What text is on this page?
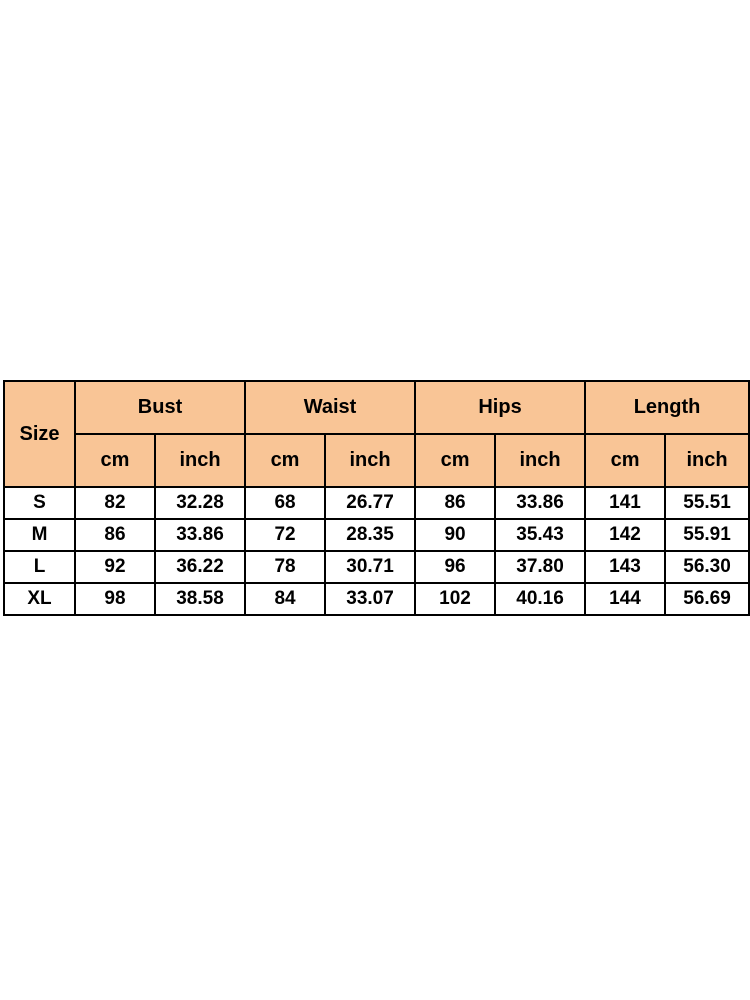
Size	Bust		Waist		Hips		Length	
	cm	inch	cm	inch	cm	inch	cm	inch
S	82	32.28	68	26.77	86	33.86	141	55.51
M	86	33.86	72	28.35	90	35.43	142	55.91
L	92	36.22	78	30.71	96	37.80	143	56.30
XL	98	38.58	84	33.07	102	40.16	144	56.69
